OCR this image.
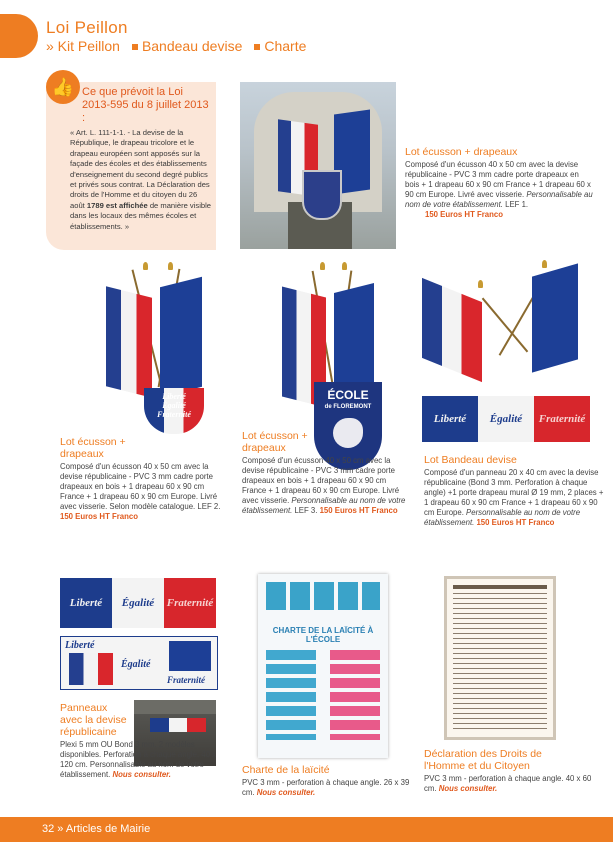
Loi Peillon
» Kit Peillon	Bandeau devise	Charte
👍 Ce que prévoit la Loi 2013-595 du 8 juillet 2013 :
« Art. L. 111-1-1. - La devise de la République, le drapeau tricolore et le drapeau européen sont apposés sur la façade des écoles et des établissements d'enseignement du second degré publics et privés sous contrat. La Déclaration des droits de l'Homme et du citoyen du 26 août 1789 est affichée de manière visible dans les locaux des mêmes écoles et établissements. »
Lot écusson + drapeaux
Composé d'un écusson 40 x 50 cm avec la devise républicaine - PVC 3 mm cadre porte drapeaux en bois + 1 drapeau 60 x 90 cm France + 1 drapeau 60 x 90 cm Europe. Livré avec visserie. Personnalisable au nom de votre établissement. LEF 1.
150 Euros HT Franco
Liberté
Égalité
Fraternité
Lot écusson + drapeaux
Composé d'un écusson 40 x 50 cm avec la devise républicaine - PVC 3 mm cadre porte drapeaux en bois + 1 drapeau 60 x 90 cm France + 1 drapeau 60 x 90 cm Europe. Livré avec visserie. Selon modèle catalogue. LEF 2. 150 Euros HT Franco
ÉCOLE
de FLOREMONT
Lot écusson + drapeaux
Composé d'un écusson 40 x 50 cm avec la devise républicaine - PVC 3 mm cadre porte drapeaux en bois + 1 drapeau 60 x 90 cm France + 1 drapeau 60 x 90 cm Europe. Livré avec visserie. Personnalisable au nom de votre établissement. LEF 3. 150 Euros HT Franco
Liberté	Égalité	Fraternité
Lot Bandeau devise
Composé d'un panneau 20 x 40 cm avec la devise républicaine (Bond 3 mm. Perforation à chaque angle) +1 porte drapeau mural Ø 19 mm, 2 places + 1 drapeau 60 x 90 cm France + 1 drapeau 60 x 90 cm Europe. Personnalisable au nom de votre établissement. 150 Euros HT Franco
Liberté	Égalité	Fraternité
Liberté
Égalité
Fraternité
Panneaux avec la devise républicaine
Plexi 5 mm OU Bond 3 mm. 2 modèles disponibles. Perforation à chaque angle. 40 x 120 cm. Personnalisable au nom de votre établissement. Nous consulter.
CHARTE DE LA LAÏCITÉ À L'ÉCOLE
Charte de la laïcité
PVC 3 mm - perforation à chaque angle. 26 x 39 cm. Nous consulter.
Déclaration des Droits de l'Homme et du Citoyen
PVC 3 mm - perforation à chaque angle. 40 x 60 cm. Nous consulter.
32 » Articles de Mairie
